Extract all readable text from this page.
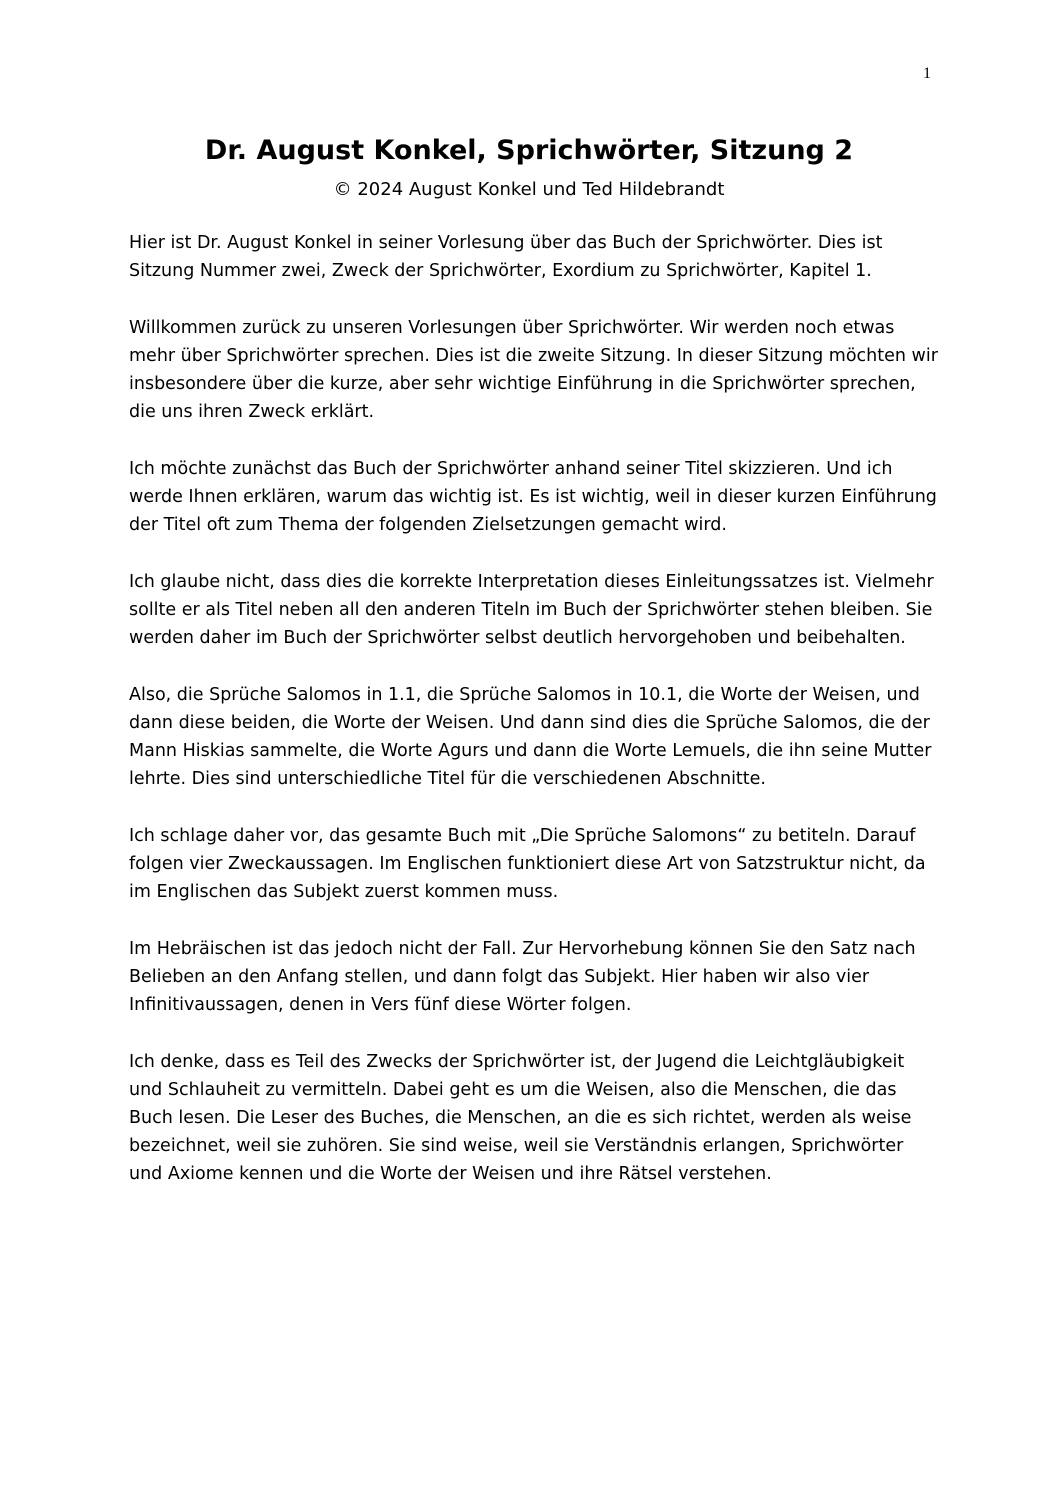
1
Dr. August Konkel, Sprichwörter, Sitzung 2
© 2024 August Konkel und Ted Hildebrandt

Hier ist Dr. August Konkel in seiner Vorlesung über das Buch der Sprichwörter. Dies ist Sitzung Nummer zwei, Zweck der Sprichwörter, Exordium zu Sprichwörter, Kapitel 1.

Willkommen zurück zu unseren Vorlesungen über Sprichwörter. Wir werden noch etwas mehr über Sprichwörter sprechen. Dies ist die zweite Sitzung. In dieser Sitzung möchten wir insbesondere über die kurze, aber sehr wichtige Einführung in die Sprichwörter sprechen, die uns ihren Zweck erklärt.

Ich möchte zunächst das Buch der Sprichwörter anhand seiner Titel skizzieren. Und ich werde Ihnen erklären, warum das wichtig ist. Es ist wichtig, weil in dieser kurzen Einführung der Titel oft zum Thema der folgenden Zielsetzungen gemacht wird.

Ich glaube nicht, dass dies die korrekte Interpretation dieses Einleitungssatzes ist. Vielmehr sollte er als Titel neben all den anderen Titeln im Buch der Sprichwörter stehen bleiben. Sie werden daher im Buch der Sprichwörter selbst deutlich hervorgehoben und beibehalten.

Also, die Sprüche Salomos in 1.1, die Sprüche Salomos in 10.1, die Worte der Weisen, und dann diese beiden, die Worte der Weisen. Und dann sind dies die Sprüche Salomos, die der Mann Hiskias sammelte, die Worte Agurs und dann die Worte Lemuels, die ihn seine Mutter lehrte. Dies sind unterschiedliche Titel für die verschiedenen Abschnitte.

Ich schlage daher vor, das gesamte Buch mit „Die Sprüche Salomons“ zu betiteln. Darauf folgen vier Zweckaussagen. Im Englischen funktioniert diese Art von Satzstruktur nicht, da im Englischen das Subjekt zuerst kommen muss.

Im Hebräischen ist das jedoch nicht der Fall. Zur Hervorhebung können Sie den Satz nach Belieben an den Anfang stellen, und dann folgt das Subjekt. Hier haben wir also vier Infinitivaussagen, denen in Vers fünf diese Wörter folgen.

Ich denke, dass es Teil des Zwecks der Sprichwörter ist, der Jugend die Leichtgläubigkeit und Schlauheit zu vermitteln. Dabei geht es um die Weisen, also die Menschen, die das Buch lesen. Die Leser des Buches, die Menschen, an die es sich richtet, werden als weise bezeichnet, weil sie zuhören. Sie sind weise, weil sie Verständnis erlangen, Sprichwörter und Axiome kennen und die Worte der Weisen und ihre Rätsel verstehen.
